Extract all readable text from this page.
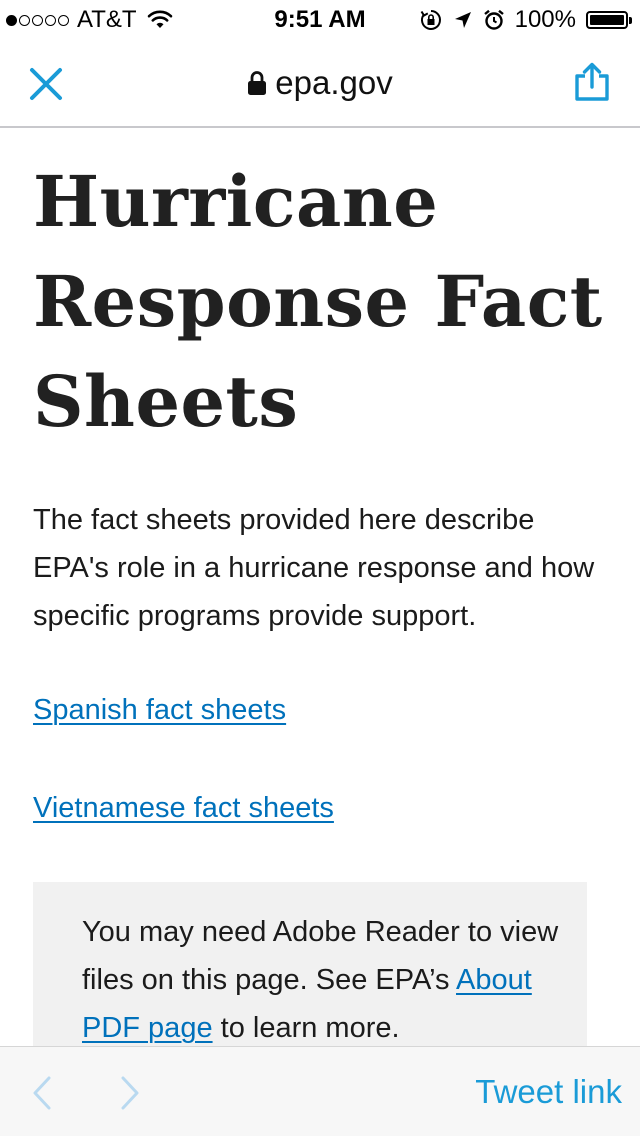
AT&T	9:51 AM	100%
epa.gov
Hurricane Response Fact Sheets

The fact sheets provided here describe EPA's role in a hurricane response and how specific programs provide support.

Spanish fact sheets
Vietnamese fact sheets

You may need Adobe Reader to view files on this page. See EPA’s About PDF page to learn more.

Tweet link
